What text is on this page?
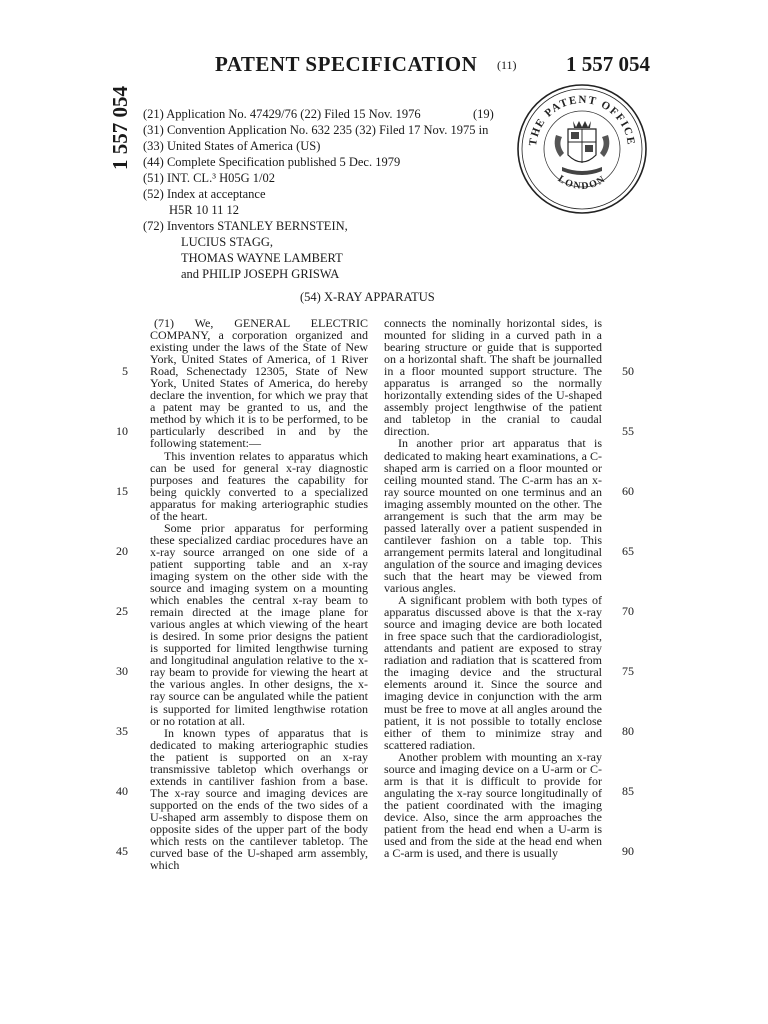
PATENT SPECIFICATION (11) 1 557 054
1 557 054 (21) Application No. 47429/76 (22) Filed 15 Nov. 1976
(31) Convention Application No. 632 235 (32) Filed 17 Nov. 1975 in
(33) United States of America (US)
(44) Complete Specification published 5 Dec. 1979
(51) INT. CL.³ H05G 1/02
(52) Index at acceptance
H5R 10 11 12
(72) Inventors STANLEY BERNSTEIN,
LUCIUS STAGG,
THOMAS WAYNE LAMBERT
and PHILIP JOSEPH GRISWA
(19)
THE PATENT OFFICE
LONDON
(54) X-RAY APPARATUS

(71) We, GENERAL ELECTRIC COMPANY, a corporation organized and existing under the laws of the State of New York, United States of America, of 1 River Road, Schenectady 12305, State of New York, United States of America, do hereby declare the invention, for which we pray that a patent may be granted to us, and the method by which it is to be performed, to be particularly described in and by the following statement:—

This invention relates to apparatus which can be used for general x-ray diagnostic purposes and features the capability for being quickly converted to a specialized apparatus for making arteriographic studies of the heart.

Some prior apparatus for performing these specialized cardiac procedures have an x-ray source arranged on one side of a patient supporting table and an x-ray imaging system on the other side with the source and imaging system on a mounting which enables the central x-ray beam to remain directed at the image plane for various angles at which viewing of the heart is desired. In some prior designs the patient is supported for limited lengthwise turning and longitudinal angulation relative to the x-ray beam to provide for viewing the heart at the various angles. In other designs, the x-ray source can be angulated while the patient is supported for limited lengthwise rotation or no rotation at all.

In known types of apparatus that is dedicated to making arteriographic studies the patient is supported on an x-ray transmissive tabletop which overhangs or extends in cantiliver fashion from a base. The x-ray source and imaging devices are supported on the ends of the two sides of a U-shaped arm assembly to dispose them on opposite sides of the upper part of the body which rests on the cantilever tabletop. The curved base of the U-shaped arm assembly, which

connects the nominally horizontal sides, is mounted for sliding in a curved path in a bearing structure or guide that is supported on a horizontal shaft. The shaft be journalled in a floor mounted support structure. The apparatus is arranged so the normally horizontally extending sides of the U-shaped assembly project lengthwise of the patient and tabletop in the cranial to caudal direction.

In another prior art apparatus that is dedicated to making heart examinations, a C-shaped arm is carried on a floor mounted or ceiling mounted stand. The C-arm has an x-ray source mounted on one terminus and an imaging assembly mounted on the other. The arrangement is such that the arm may be passed laterally over a patient suspended in cantilever fashion on a table top. This arrangement permits lateral and longitudinal angulation of the source and imaging devices such that the heart may be viewed from various angles.

A significant problem with both types of apparatus discussed above is that the x-ray source and imaging device are both located in free space such that the cardioradiologist, attendants and patient are exposed to stray radiation and radiation that is scattered from the imaging device and the structural elements around it. Since the source and imaging device in conjunction with the arm must be free to move at all angles around the patient, it is not possible to totally enclose either of them to minimize stray and scattered radiation.

Another problem with mounting an x-ray source and imaging device on a U-arm or C-arm is that it is difficult to provide for angulating the x-ray source longitudinally of the patient coordinated with the imaging device. Also, since the arm approaches the patient from the head end when a U-arm is used and from the side at the head end when a C-arm is used, and there is usually

5
10
15
20
25
30
35
40
45
50
55
60
65
70
75
80
85
90
